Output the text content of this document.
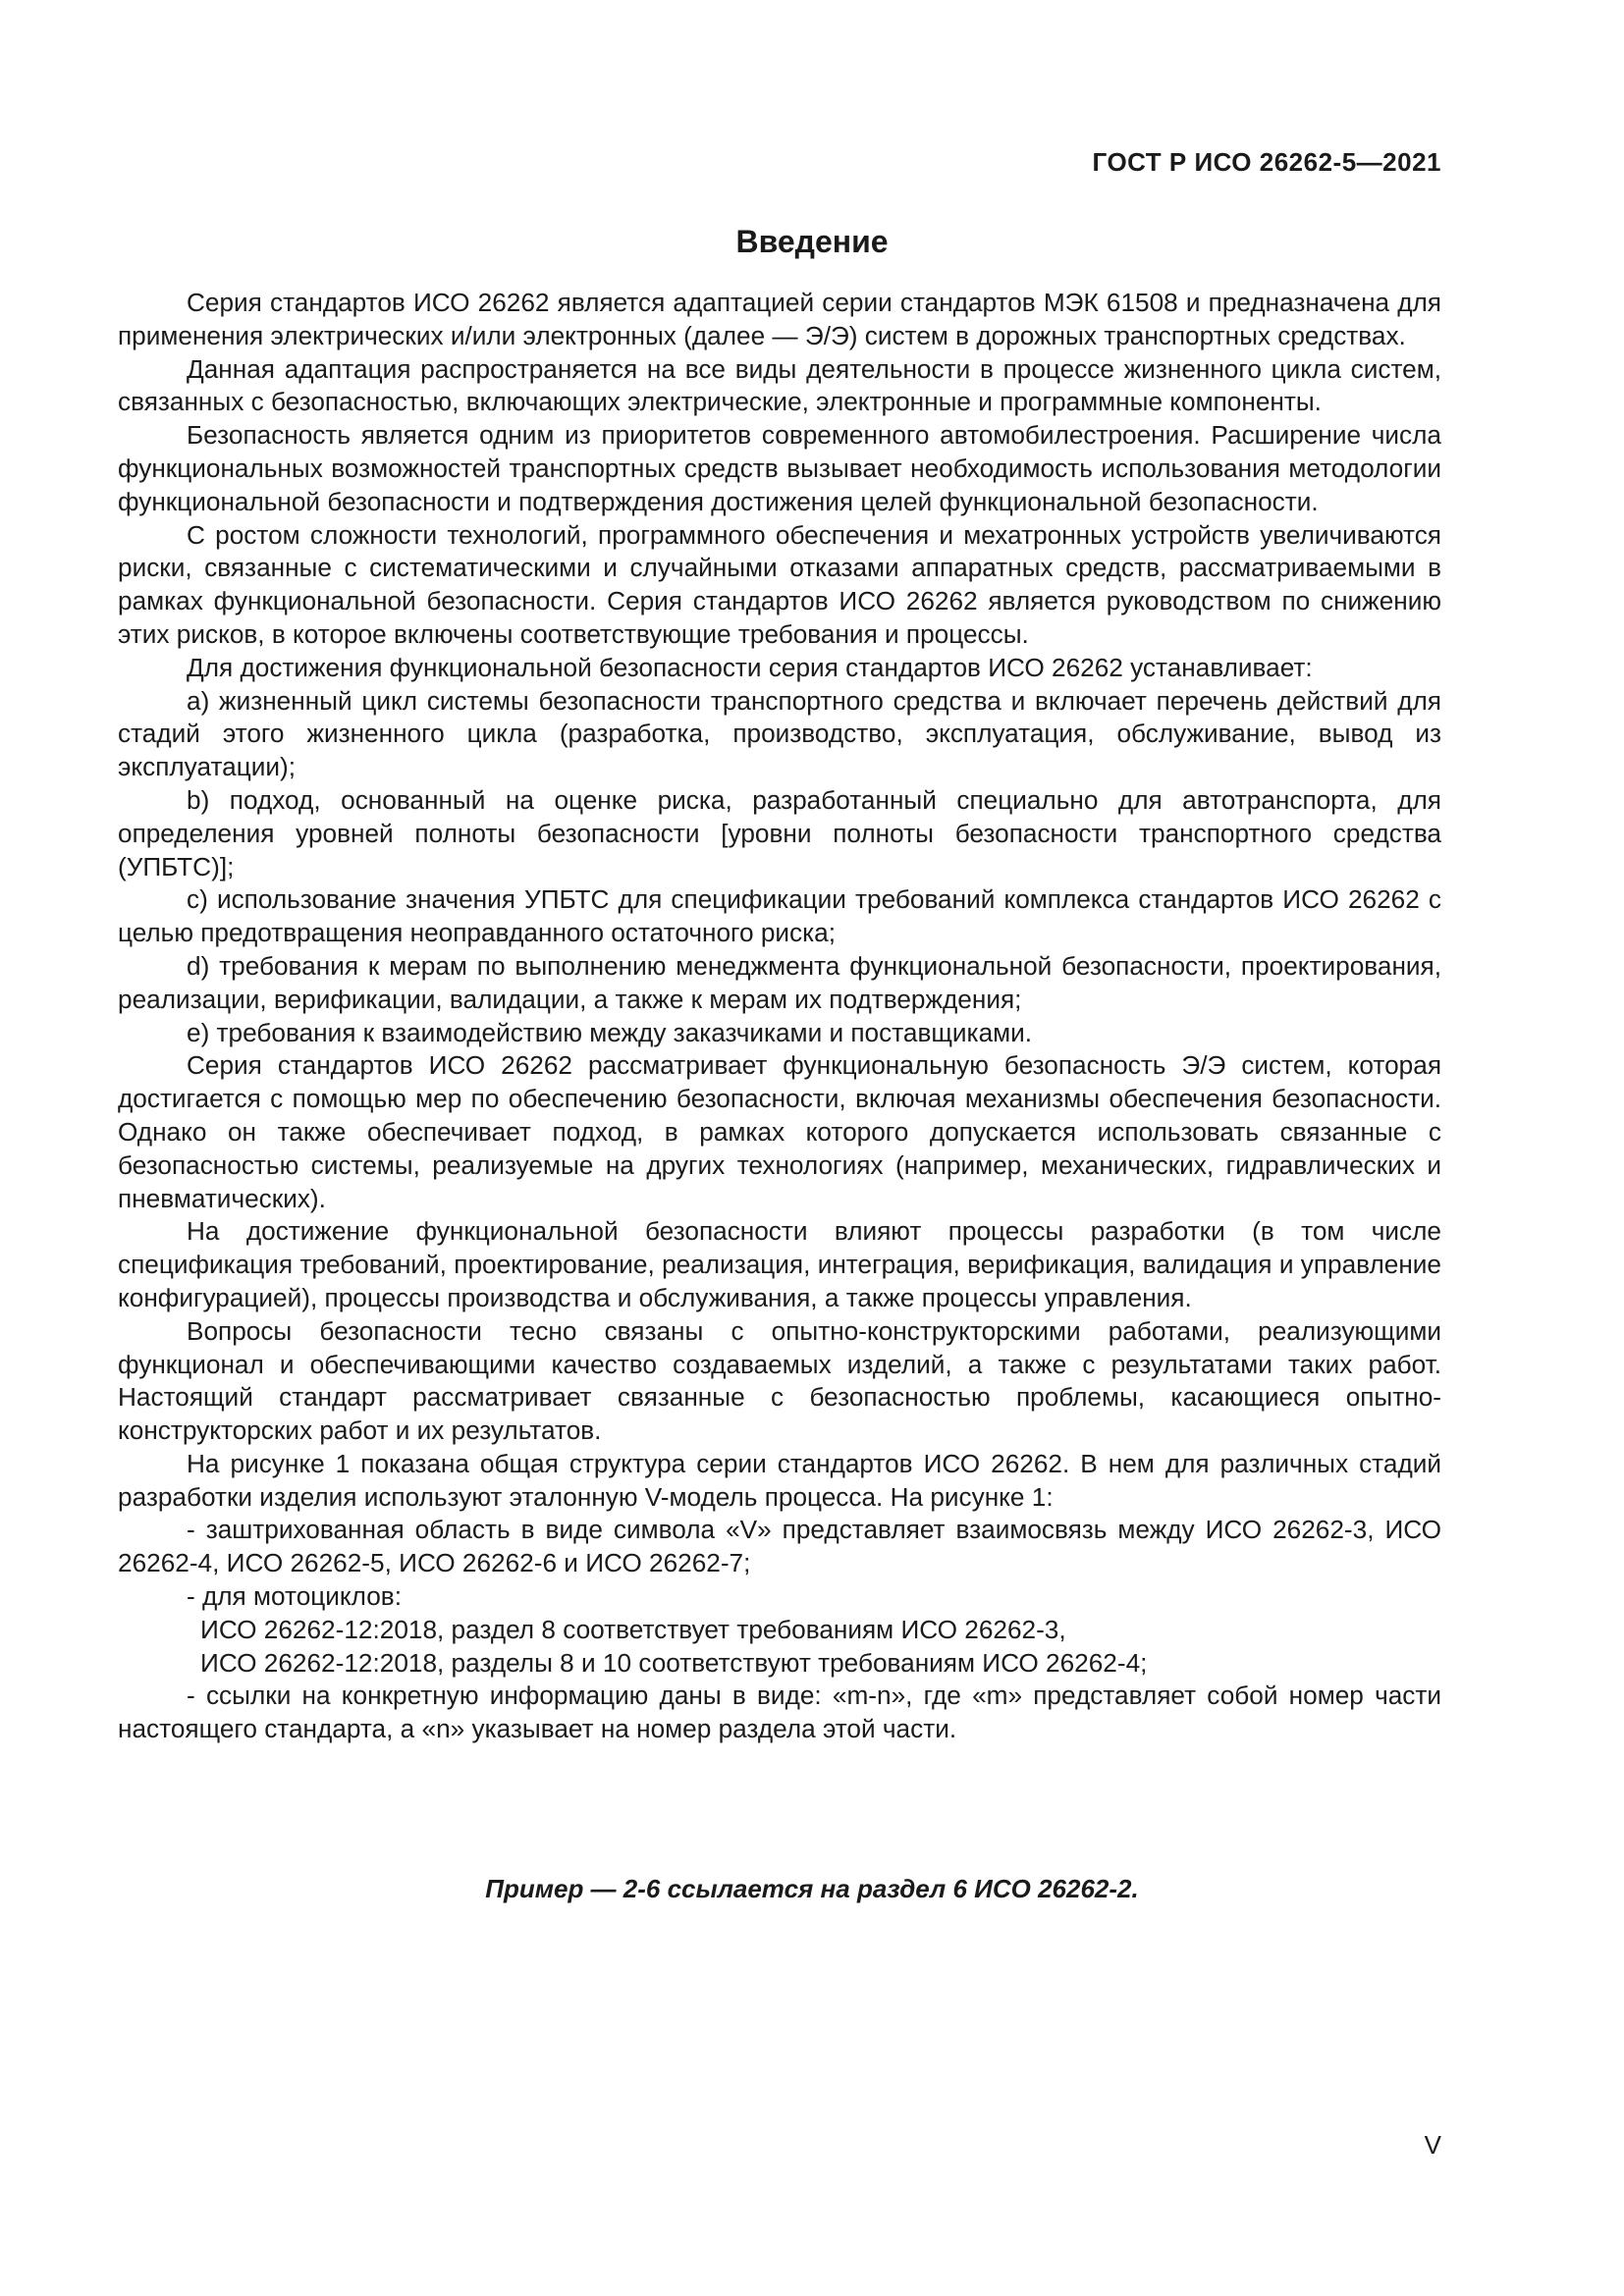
ГОСТ Р ИСО 26262-5—2021
Введение

Серия стандартов ИСО 26262 является адаптацией серии стандартов МЭК 61508 и предназначена для применения электрических и/или электронных (далее — Э/Э) систем в дорожных транспортных средствах.

Данная адаптация распространяется на все виды деятельности в процессе жизненного цикла систем, связанных с безопасностью, включающих электрические, электронные и программные компоненты.

Безопасность является одним из приоритетов современного автомобилестроения. Расширение числа функциональных возможностей транспортных средств вызывает необходимость использования методологии функциональной безопасности и подтверждения достижения целей функциональной безопасности.

С ростом сложности технологий, программного обеспечения и мехатронных устройств увеличиваются риски, связанные с систематическими и случайными отказами аппаратных средств, рассматриваемыми в рамках функциональной безопасности. Серия стандартов ИСО 26262 является руководством по снижению этих рисков, в которое включены соответствующие требования и процессы.

Для достижения функциональной безопасности серия стандартов ИСО 26262 устанавливает:

a) жизненный цикл системы безопасности транспортного средства и включает перечень действий для стадий этого жизненного цикла (разработка, производство, эксплуатация, обслуживание, вывод из эксплуатации);

b) подход, основанный на оценке риска, разработанный специально для автотранспорта, для определения уровней полноты безопасности [уровни полноты безопасности транспортного средства (УПБТС)];

c) использование значения УПБТС для спецификации требований комплекса стандартов ИСО 26262 с целью предотвращения неоправданного остаточного риска;

d) требования к мерам по выполнению менеджмента функциональной безопасности, проектирования, реализации, верификации, валидации, а также к мерам их подтверждения;

e) требования к взаимодействию между заказчиками и поставщиками.

Серия стандартов ИСО 26262 рассматривает функциональную безопасность Э/Э систем, которая достигается с помощью мер по обеспечению безопасности, включая механизмы обеспечения безопасности. Однако он также обеспечивает подход, в рамках которого допускается использовать связанные с безопасностью системы, реализуемые на других технологиях (например, механических, гидравлических и пневматических).

На достижение функциональной безопасности влияют процессы разработки (в том числе спецификация требований, проектирование, реализация, интеграция, верификация, валидация и управление конфигурацией), процессы производства и обслуживания, а также процессы управления.

Вопросы безопасности тесно связаны с опытно-конструкторскими работами, реализующими функционал и обеспечивающими качество создаваемых изделий, а также с результатами таких работ. Настоящий стандарт рассматривает связанные с безопасностью проблемы, касающиеся опытно-конструкторских работ и их результатов.

На рисунке 1 показана общая структура серии стандартов ИСО 26262. В нем для различных стадий разработки изделия используют эталонную V-модель процесса. На рисунке 1:

- заштрихованная область в виде символа «V» представляет взаимосвязь между ИСО 26262-3, ИСО 26262-4, ИСО 26262-5, ИСО 26262-6 и ИСО 26262-7;

- для мотоциклов:

ИСО 26262-12:2018, раздел 8 соответствует требованиям ИСО 26262-3,

ИСО 26262-12:2018, разделы 8 и 10 соответствуют требованиям ИСО 26262-4;

- ссылки на конкретную информацию даны в виде: «m-n», где «m» представляет собой номер части настоящего стандарта, а «n» указывает на номер раздела этой части.

Пример — 2-6 ссылается на раздел 6 ИСО 26262-2.
V
